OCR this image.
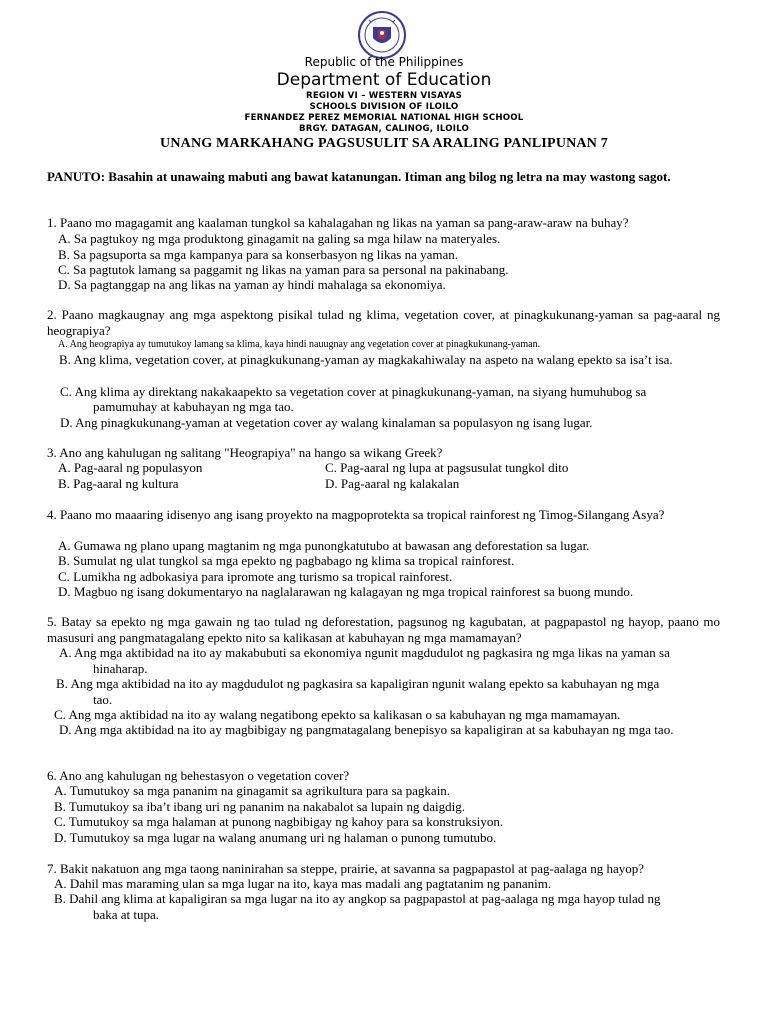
Republic of the Philippines
Department of Education
REGION VI – WESTERN VISAYAS
SCHOOLS DIVISION OF ILOILO
FERNANDEZ PEREZ MEMORIAL NATIONAL HIGH SCHOOL
BRGY. DATAGAN, CALINOG, ILOILO
UNANG MARKAHANG PAGSUSULIT SA ARALING PANLIPUNAN 7
PANUTO: Basahin at unawaing mabuti ang bawat katanungan. Itiman ang bilog ng letra na may wastong sagot.
1. Paano mo magagamit ang kaalaman tungkol sa kahalagahan ng likas na yaman sa pang-araw-araw na buhay?
A. Sa pagtukoy ng mga produktong ginagamit na galing sa mga hilaw na materyales.
B. Sa pagsuporta sa mga kampanya para sa konserbasyon ng likas na yaman.
C. Sa pagtutok lamang sa paggamit ng likas na yaman para sa personal na pakinabang.
D. Sa pagtanggap na ang likas na yaman ay hindi mahalaga sa ekonomiya.
2. Paano magkaugnay ang mga aspektong pisikal tulad ng klima, vegetation cover, at pinagkukunang-yaman sa pag-aaral ng heograpiya?
A. Ang heograpiya ay tumutukoy lamang sa klima, kaya hindi nauugnay ang vegetation cover at pinagkukunang-yaman.
B. Ang klima, vegetation cover, at pinagkukunang-yaman ay magkakahiwalay na aspeto na walang epekto sa isa’t isa.
C. Ang klima ay direktang nakakaapekto sa vegetation cover at pinagkukunang-yaman, na siyang humuhubog sa
pamumuhay at kabuhayan ng mga tao.
D. Ang pinagkukunang-yaman at vegetation cover ay walang kinalaman sa populasyon ng isang lugar.
3. Ano ang kahulugan ng salitang "Heograpiya" na hango sa wikang Greek?
A. Pag-aaral ng populasyon	C. Pag-aaral ng lupa at pagsusulat tungkol dito
B. Pag-aaral ng kultura	D. Pag-aaral ng kalakalan
4. Paano mo maaaring idisenyo ang isang proyekto na magpoprotekta sa tropical rainforest ng Timog-Silangang Asya?
A. Gumawa ng plano upang magtanim ng mga punongkatutubo at bawasan ang deforestation sa lugar.
B. Sumulat ng ulat tungkol sa mga epekto ng pagbabago ng klima sa tropical rainforest.
C. Lumikha ng adbokasiya para ipromote ang turismo sa tropical rainforest.
D. Magbuo ng isang dokumentaryo na naglalarawan ng kalagayan ng mga tropical rainforest sa buong mundo.
5. Batay sa epekto ng mga gawain ng tao tulad ng deforestation, pagsunog ng kagubatan, at pagpapastol ng hayop, paano mo masusuri ang pangmatagalang epekto nito sa kalikasan at kabuhayan ng mga mamamayan?
A. Ang mga aktibidad na ito ay makabubuti sa ekonomiya ngunit magdudulot ng pagkasira ng mga likas na yaman sa
hinaharap.
B. Ang mga aktibidad na ito ay magdudulot ng pagkasira sa kapaligiran ngunit walang epekto sa kabuhayan ng mga
tao.
C. Ang mga aktibidad na ito ay walang negatibong epekto sa kalikasan o sa kabuhayan ng mga mamamayan.
D. Ang mga aktibidad na ito ay magbibigay ng pangmatagalang benepisyo sa kapaligiran at sa kabuhayan ng mga tao.
6. Ano ang kahulugan ng behestasyon o vegetation cover?
A. Tumutukoy sa mga pananim na ginagamit sa agrikultura para sa pagkain.
B. Tumutukoy sa iba’t ibang uri ng pananim na nakabalot sa lupain ng daigdig.
C. Tumutukoy sa mga halaman at punong nagbibigay ng kahoy para sa konstruksiyon.
D. Tumutukoy sa mga lugar na walang anumang uri ng halaman o punong tumutubo.
7. Bakit nakatuon ang mga taong naninirahan sa steppe, prairie, at savanna sa pagpapastol at pag-aalaga ng hayop?
A. Dahil mas maraming ulan sa mga lugar na ito, kaya mas madali ang pagtatanim ng pananim.
B. Dahil ang klima at kapaligiran sa mga lugar na ito ay angkop sa pagpapastol at pag-aalaga ng mga hayop tulad ng
baka at tupa.
